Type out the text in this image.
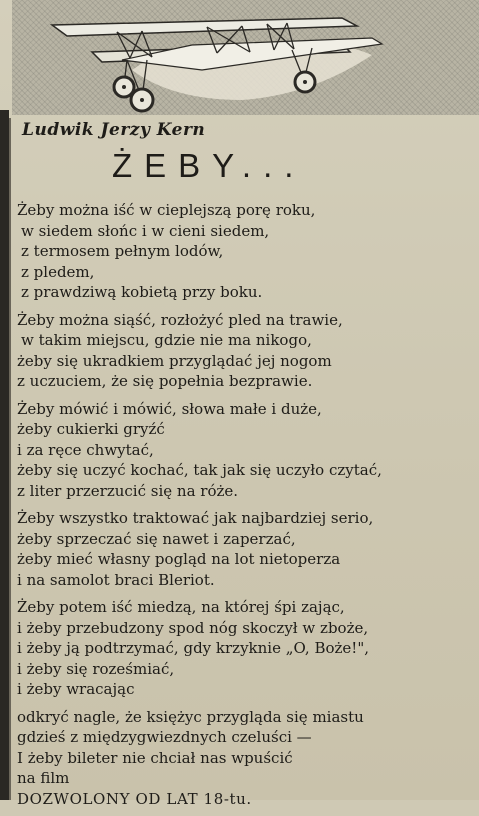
Ludwik Jerzy Kern
ŻEBY...
Żeby można iść w cieplejszą porę roku,
w siedem słońc i w cieni siedem,
z termosem pełnym lodów,
z pledem,
z prawdziwą kobietą przy boku.
Żeby można siąść, rozłożyć pled na trawie,
w takim miejscu, gdzie nie ma nikogo,
żeby się ukradkiem przyglądać jej nogom
z uczuciem, że się popełnia bezprawie.
Żeby mówić i mówić, słowa małe i duże,
żeby cukierki gryźć
i za ręce chwytać,
żeby się uczyć kochać, tak jak się uczyło czytać,
z liter przerzucić się na róże.
Żeby wszystko traktować jak najbardziej serio,
żeby sprzeczać się nawet i zaperzać,
żeby mieć własny pogląd na lot nietoperza
i na samolot braci Bleriot.
Żeby potem iść miedzą, na której śpi zając,
i żeby przebudzony spod nóg skoczył w zboże,
i żeby ją podtrzymać, gdy krzyknie „O, Boże!",
i żeby się roześmiać,
i żeby wracając
odkryć nagle, że księżyc przygląda się miastu
gdzieś z międzygwiezdnych czeluści —
I żeby bileter nie chciał nas wpuścić
na film
DOZWOLONY OD LAT 18-tu.
